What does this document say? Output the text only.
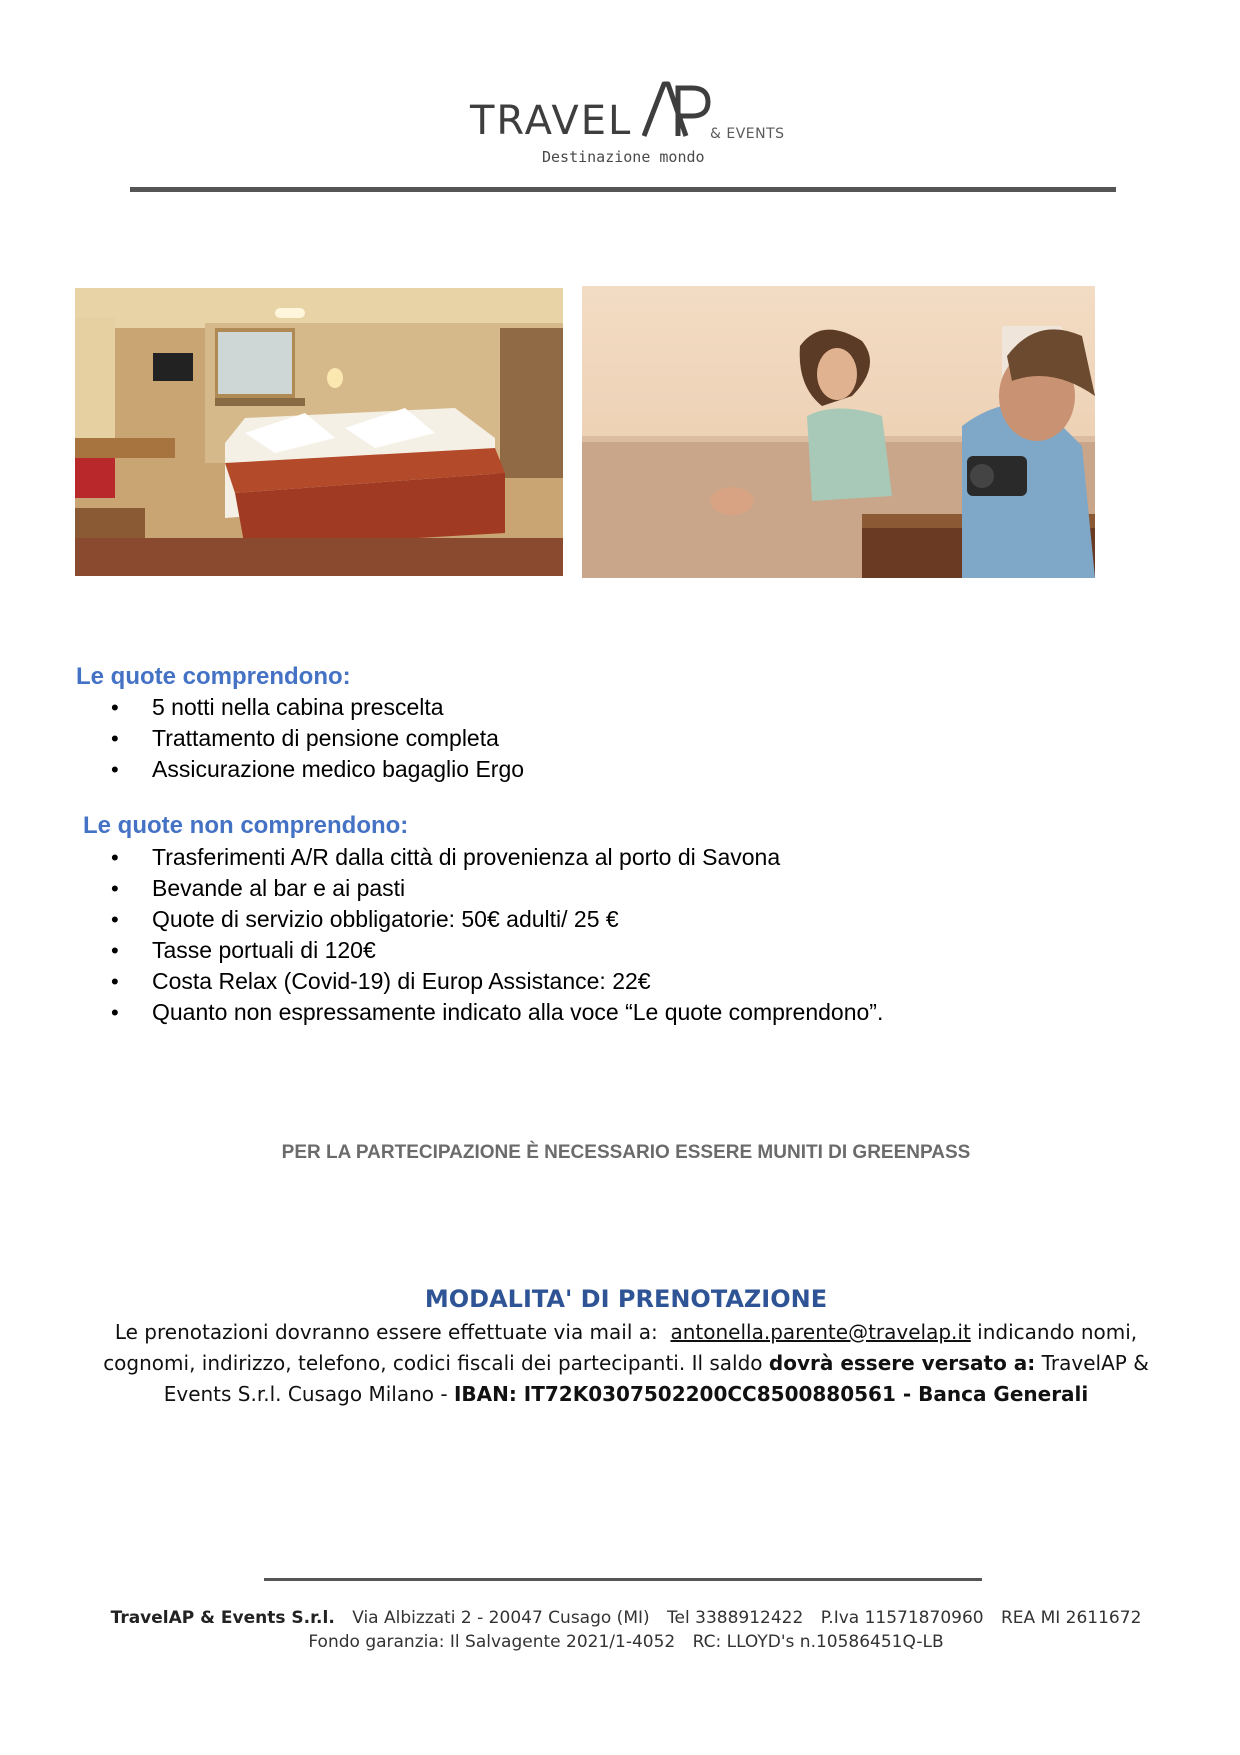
TRAVEL
AP
& EVENTS
Destinazione mondo
Le quote comprendono:
• 5 notti nella cabina prescelta
• Trattamento di pensione completa
• Assicurazione medico bagaglio Ergo
Le quote non comprendono:
• Trasferimenti A/R dalla città di provenienza al porto di Savona
• Bevande al bar e ai pasti
• Quote di servizio obbligatorie: 50€ adulti/ 25 €
• Tasse portuali di 120€
• Costa Relax (Covid-19) di Europ Assistance: 22€
• Quanto non espressamente indicato alla voce “Le quote comprendono”.
PER LA PARTECIPAZIONE È NECESSARIO ESSERE MUNITI DI GREENPASS
MODALITA' DI PRENOTAZIONE
Le prenotazioni dovranno essere effettuate via mail a: antonella.parente@travelap.it indicando nomi, cognomi, indirizzo, telefono, codici fiscali dei partecipanti. Il saldo dovrà essere versato a: TravelAP & Events S.r.l. Cusago Milano - IBAN: IT72K0307502200CC8500880561 - Banca Generali
TravelAP & Events S.r.l. Via Albizzati 2 - 20047 Cusago (MI) Tel 3388912422 P.Iva 11571870960 REA MI 2611672
Fondo garanzia: Il Salvagente 2021/1-4052 RC: LLOYD's n.10586451Q-LB
